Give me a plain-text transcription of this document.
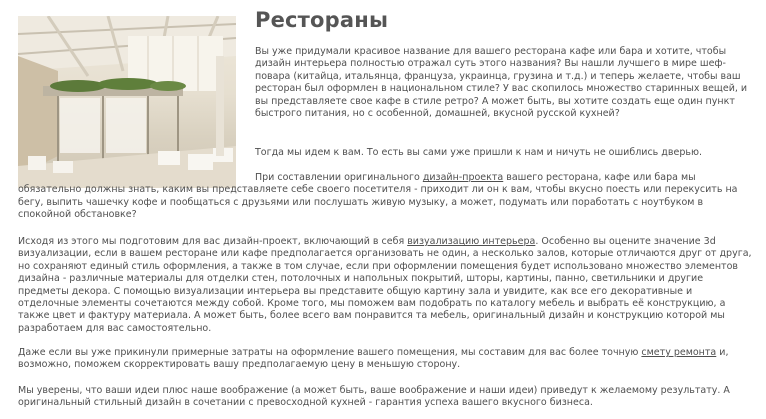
Рестораны

Вы уже придумали красивое название для вашего ресторана кафе или бара и хотите, чтобы дизайн интерьера полностью отражал суть этого названия? Вы нашли лучшего в мире шеф-повара (китайца, итальянца, француза, украинца, грузина и т.д.) и теперь желаете, чтобы ваш ресторан был оформлен в национальном стиле? У вас скопилось множество старинных вещей, и вы представляете свое кафе в стиле ретро? А может быть, вы хотите создать еще один пункт быстрого питания, но с особенной, домашней, вкусной русской кухней?

Тогда мы идем к вам. То есть вы сами уже пришли к нам и ничуть не ошиблись дверью.

При составлении оригинального дизайн-проекта вашего ресторана, кафе или бара мы обязательно должны знать, каким вы представляете себе своего посетителя - приходит ли он к вам, чтобы вкусно поесть или перекусить на бегу, выпить чашечку кофе и пообщаться с друзьями или послушать живую музыку, а может, подумать или поработать с ноутбуком в спокойной обстановке?

Исходя из этого мы подготовим для вас дизайн-проект, включающий в себя визуализацию интерьера. Особенно вы оцените значение 3d визуализации, если в вашем ресторане или кафе предполагается организовать не один, а несколько залов, которые отличаются друг от друга, но сохраняют единый стиль оформления, а также в том случае, если при оформлении помещения будет использовано множество элементов дизайна - различные материалы для отделки стен, потолочных и напольных покрытий, шторы, картины, панно, светильники и другие предметы декора. С помощью визуализации интерьера вы представите общую картину зала и увидите, как все его декоративные и отделочные элементы сочетаются между собой. Кроме того, мы поможем вам подобрать по каталогу мебель и выбрать её конструкцию, а также цвет и фактуру материала. А может быть, более всего вам понравится та мебель, оригинальный дизайн и конструкцию которой мы разработаем для вас самостоятельно.

Даже если вы уже прикинули примерные затраты на оформление вашего помещения, мы составим для вас более точную смету ремонта и, возможно, поможем скорректировать вашу предполагаемую цену в меньшую сторону.

Мы уверены, что ваши идеи плюс наше воображение (а может быть, ваше воображение и наши идеи) приведут к желаемому результату. А оригинальный стильный дизайн в сочетании с превосходной кухней - гарантия успеха вашего вкусного бизнеса.
